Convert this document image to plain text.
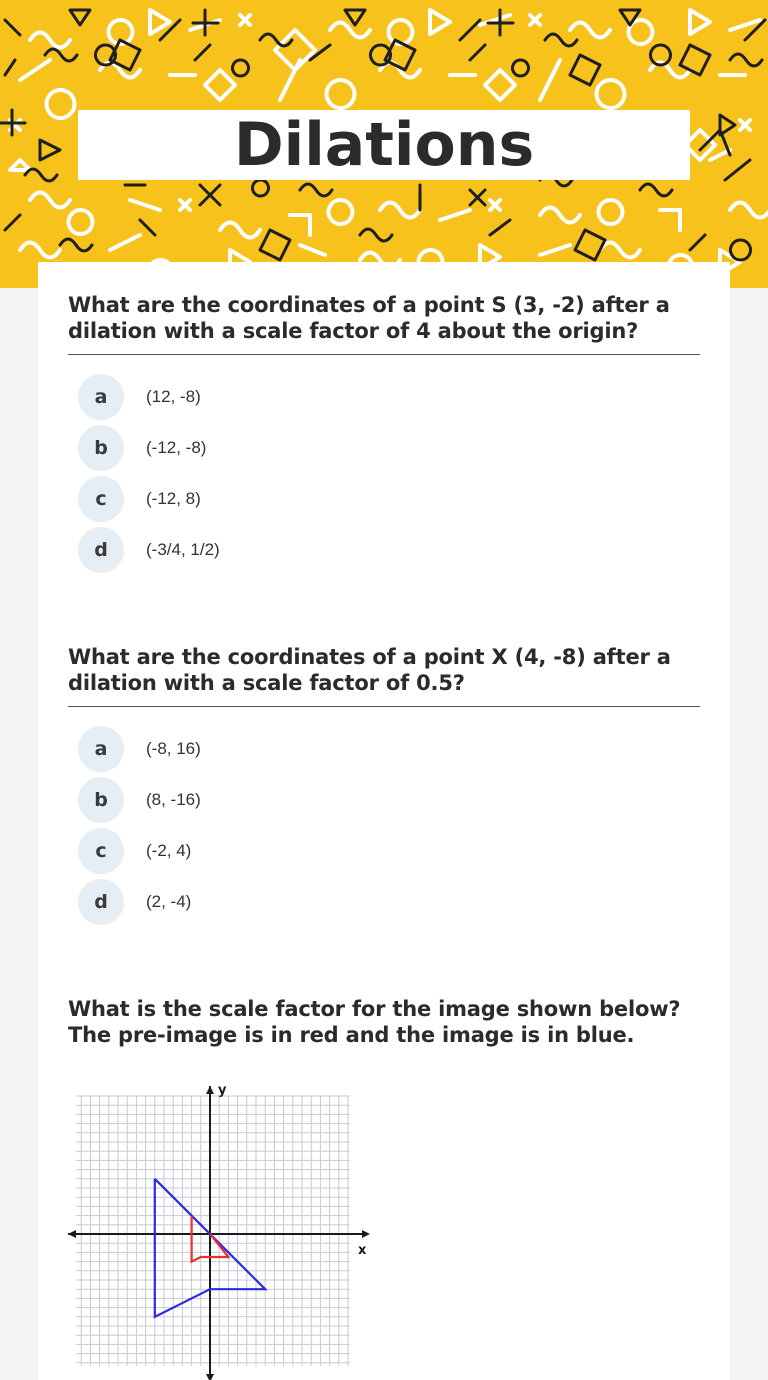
Dilations
What are the coordinates of a point S (3, -2) after a dilation with a scale factor of 4 about the origin?
a	(12, -8)
b	(-12, -8)
c	(-12, 8)
d	(-3/4, 1/2)
What are the coordinates of a point X (4, -8) after a dilation with a scale factor of 0.5?
a	(-8, 16)
b	(8, -16)
c	(-2, 4)
d	(2, -4)
What is the scale factor for the image shown below? The pre-image is in red and the image is in blue.
x
y
